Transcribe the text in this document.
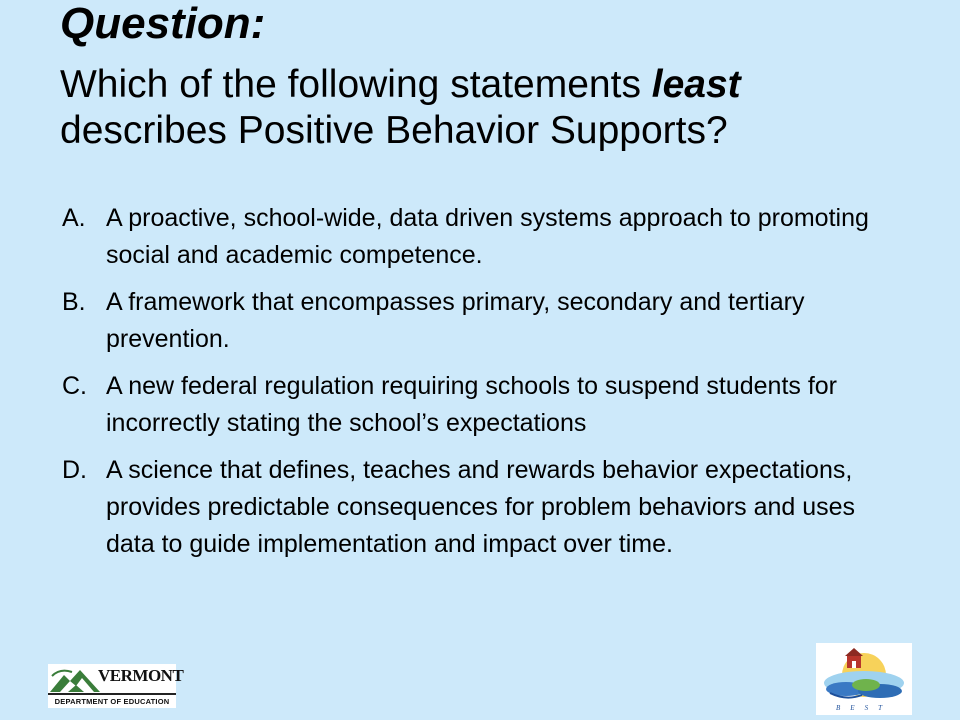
Question:

Which of the following statements least
describes Positive Behavior Supports?

A. A proactive, school-wide, data driven systems approach to promoting social and academic competence.
B. A framework that encompasses primary, secondary and tertiary prevention.
C. A new federal regulation requiring schools to suspend students for incorrectly stating the school’s expectations
D. A science that defines, teaches and rewards behavior expectations, provides predictable consequences for problem behaviors and uses data to guide implementation and impact over time.
VERMONT
DEPARTMENT OF EDUCATION
BEST
